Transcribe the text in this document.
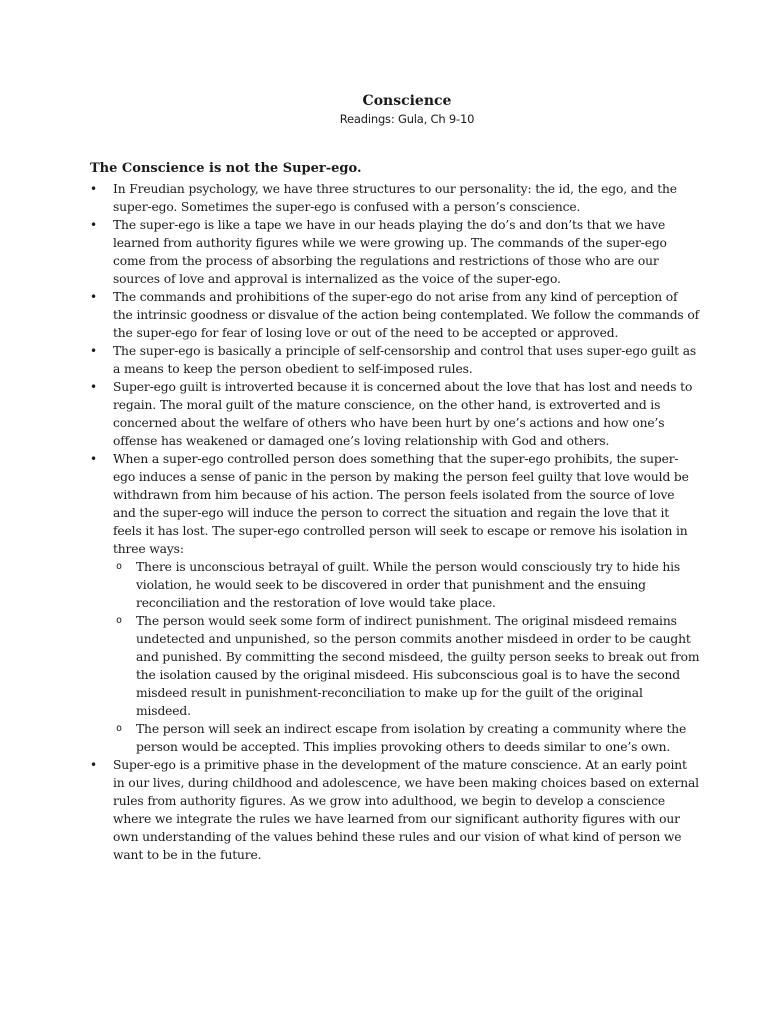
Conscience
Readings: Gula, Ch 9-10
The Conscience is not the Super-ego.
• In Freudian psychology, we have three structures to our personality: the id, the ego, and the super-ego. Sometimes the super-ego is confused with a person’s conscience.
• The super-ego is like a tape we have in our heads playing the do’s and don’ts that we have learned from authority figures while we were growing up. The commands of the super-ego come from the process of absorbing the regulations and restrictions of those who are our sources of love and approval is internalized as the voice of the super-ego.
• The commands and prohibitions of the super-ego do not arise from any kind of perception of the intrinsic goodness or disvalue of the action being contemplated. We follow the commands of the super-ego for fear of losing love or out of the need to be accepted or approved.
• The super-ego is basically a principle of self-censorship and control that uses super-ego guilt as a means to keep the person obedient to self-imposed rules.
• Super-ego guilt is introverted because it is concerned about the love that has lost and needs to regain. The moral guilt of the mature conscience, on the other hand, is extroverted and is concerned about the welfare of others who have been hurt by one’s actions and how one’s offense has weakened or damaged one’s loving relationship with God and others.
• When a super-ego controlled person does something that the super-ego prohibits, the super-ego induces a sense of panic in the person by making the person feel guilty that love would be withdrawn from him because of his action. The person feels isolated from the source of love and the super-ego will induce the person to correct the situation and regain the love that it feels it has lost. The super-ego controlled person will seek to escape or remove his isolation in three ways:
o There is unconscious betrayal of guilt. While the person would consciously try to hide his violation, he would seek to be discovered in order that punishment and the ensuing reconciliation and the restoration of love would take place.
o The person would seek some form of indirect punishment. The original misdeed remains undetected and unpunished, so the person commits another misdeed in order to be caught and punished. By committing the second misdeed, the guilty person seeks to break out from the isolation caused by the original misdeed. His subconscious goal is to have the second misdeed result in punishment-reconciliation to make up for the guilt of the original misdeed.
o The person will seek an indirect escape from isolation by creating a community where the person would be accepted. This implies provoking others to deeds similar to one’s own.
• Super-ego is a primitive phase in the development of the mature conscience. At an early point in our lives, during childhood and adolescence, we have been making choices based on external rules from authority figures. As we grow into adulthood, we begin to develop a conscience where we integrate the rules we have learned from our significant authority figures with our own understanding of the values behind these rules and our vision of what kind of person we want to be in the future.
